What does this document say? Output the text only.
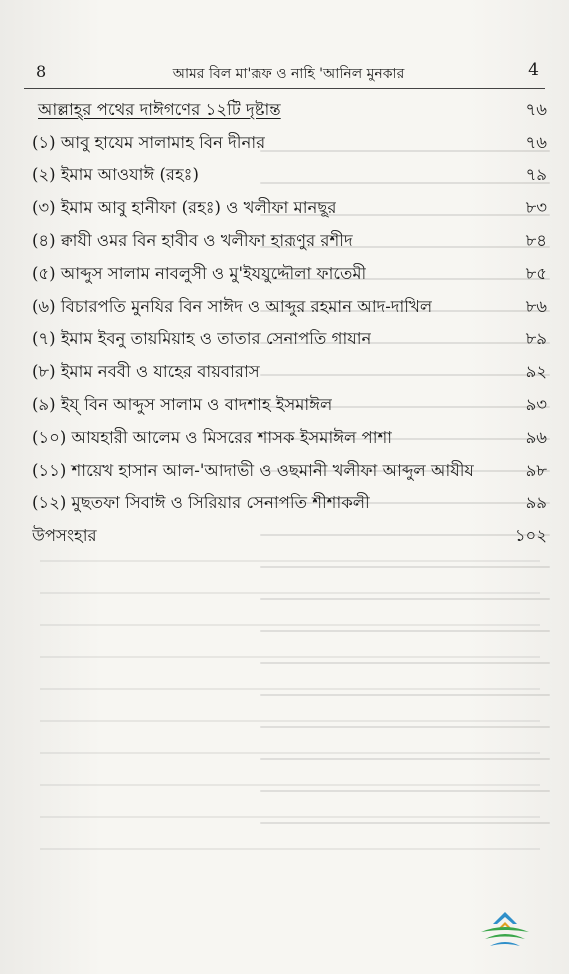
8	আমর বিল মা'রূফ ও নাহি 'আনিল মুনকার	4
আল্লাহ্‌র পথের দাঈগণের ১২টি দৃষ্টান্ত	৭৬
(১) আবু হাযেম সালামাহ বিন দীনার	৭৬
(২) ইমাম আওযাঈ (রহঃ)	৭৯
(৩) ইমাম আবু হানীফা (রহঃ) ও খলীফা মানছূর	৮৩
(৪) ক্বাযী ওমর বিন হাবীব ও খলীফা হারূণুর রশীদ	৮৪
(৫) আব্দুস সালাম নাবলুসী ও মু'ইযযুদ্দৌলা ফাতেমী	৮৫
(৬) বিচারপতি মুনযির বিন সাঈদ ও আব্দুর রহমান আদ-দাখিল	৮৬
(৭) ইমাম ইবনু তায়মিয়াহ ও তাতার সেনাপতি গাযান	৮৯
(৮) ইমাম নববী ও যাহের বায়বারাস	৯২
(৯) ইয্ বিন আব্দুস সালাম ও বাদশাহ ইসমাঈল	৯৩
(১০) আযহারী আলেম ও মিসরের শাসক ইসমাঈল পাশা	৯৬
(১১) শায়েখ হাসান আল-'আদাভী ও ওছমানী খলীফা আব্দুল আযীয	৯৮
(১২) মুছতফা সিবাঈ ও সিরিয়ার সেনাপতি শীশাকলী	৯৯
উপসংহার	১০২
